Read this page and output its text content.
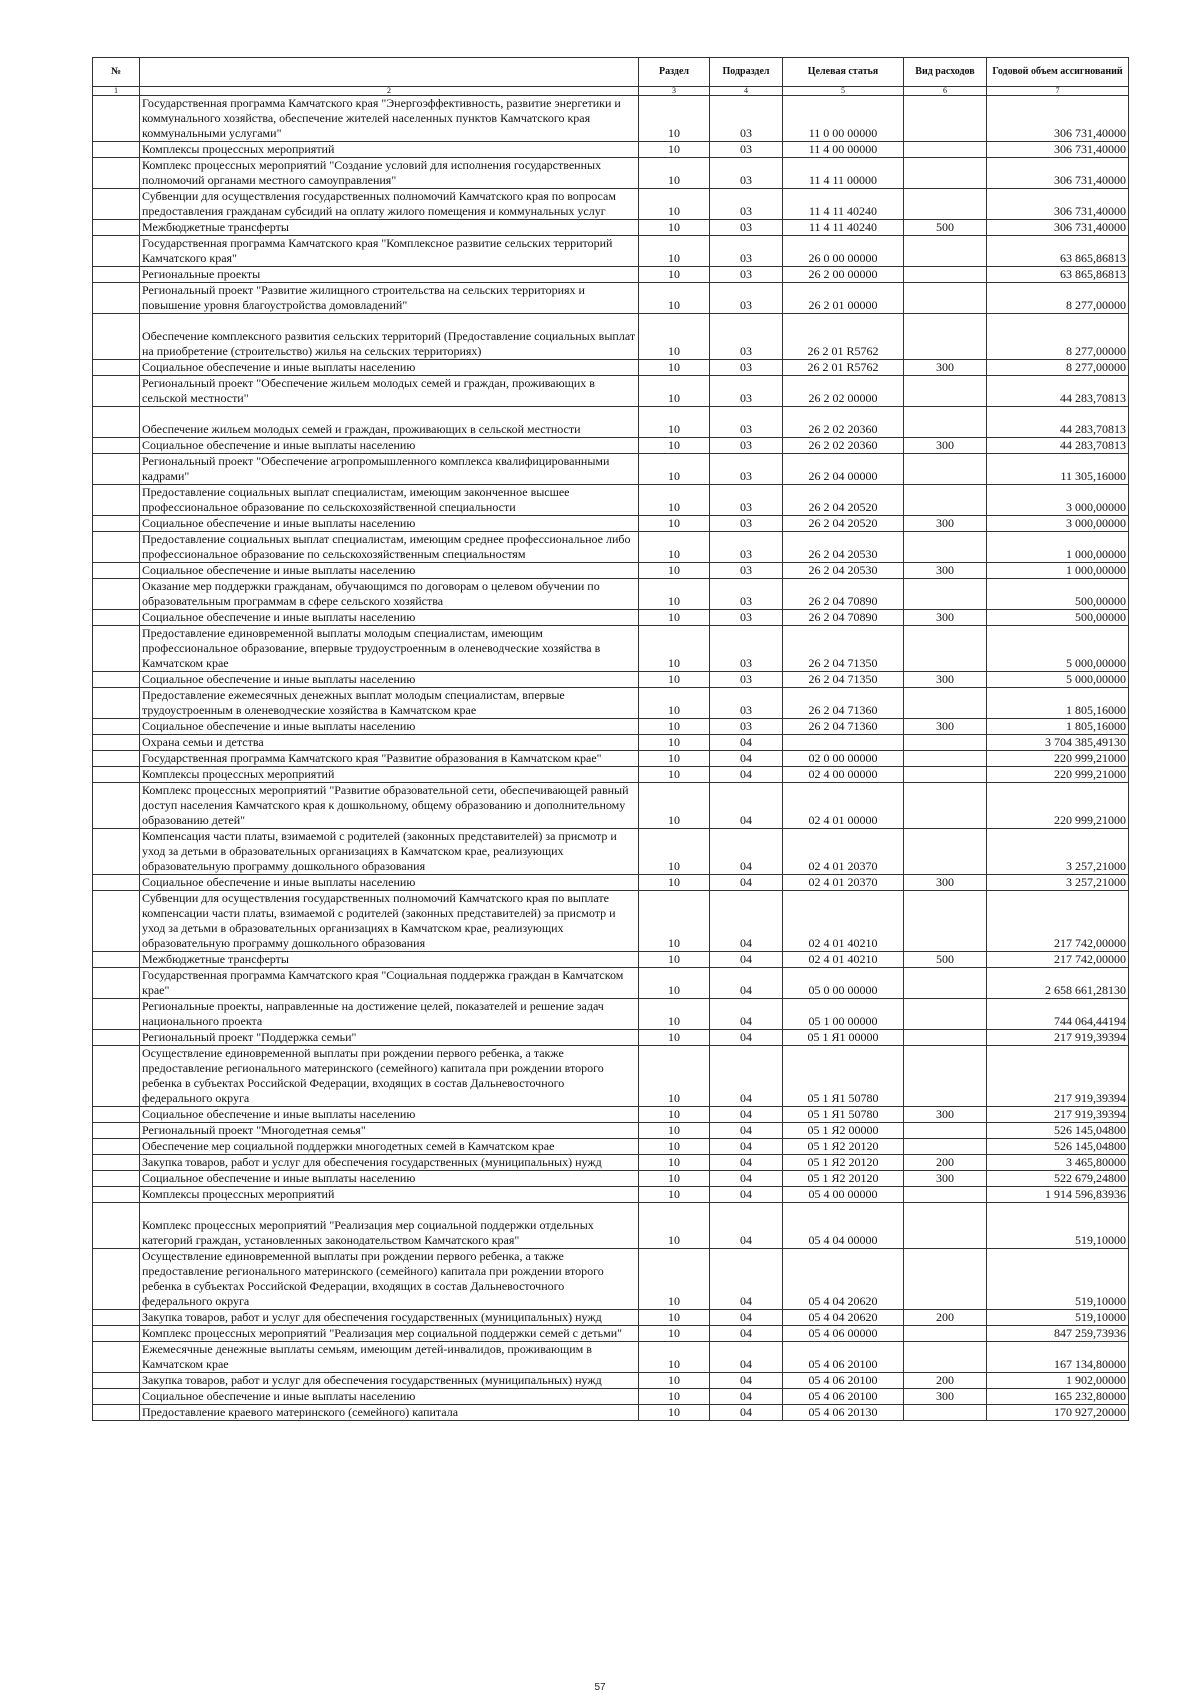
№		Раздел	Подраздел	Целевая статья	Вид расходов	Годовой объем ассигнований
1	2	3	4	5	6	7
	Государственная программа Камчатского края "Энергоэффективность, развитие энергетики и коммунального хозяйства, обеспечение жителей населенных пунктов Камчатского края коммунальными услугами"	10	03	11 0 00 00000		306 731,40000
	Комплексы процессных мероприятий	10	03	11 4 00 00000		306 731,40000
	Комплекс процессных мероприятий "Создание условий для исполнения государственных полномочий органами местного самоуправления"	10	03	11 4 11 00000		306 731,40000
	Субвенции для осуществления государственных полномочий Камчатского края по вопросам предоставления гражданам субсидий на оплату жилого помещения и коммунальных услуг	10	03	11 4 11 40240		306 731,40000
	Межбюджетные трансферты	10	03	11 4 11 40240	500	306 731,40000
	Государственная программа Камчатского края "Комплексное развитие сельских территорий Камчатского края"	10	03	26 0 00 00000		63 865,86813
	Региональные проекты	10	03	26 2 00 00000		63 865,86813
	Региональный проект "Развитие жилищного строительства на сельских территориях и повышение уровня благоустройства домовладений"	10	03	26 2 01 00000		8 277,00000
	Обеспечение комплексного развития сельских территорий (Предоставление социальных выплат на приобретение (строительство) жилья на сельских территориях)	10	03	26 2 01 R5762		8 277,00000
	Социальное обеспечение и иные выплаты населению	10	03	26 2 01 R5762	300	8 277,00000
	Региональный проект "Обеспечение жильем молодых семей и граждан, проживающих в сельской местности"	10	03	26 2 02 00000		44 283,70813
	Обеспечение жильем молодых семей и граждан, проживающих в сельской местности	10	03	26 2 02 20360		44 283,70813
	Социальное обеспечение и иные выплаты населению	10	03	26 2 02 20360	300	44 283,70813
	Региональный проект "Обеспечение агропромышленного комплекса квалифицированными кадрами"	10	03	26 2 04 00000		11 305,16000
	Предоставление социальных выплат специалистам, имеющим законченное высшее профессиональное образование по сельскохозяйственной специальности	10	03	26 2 04 20520		3 000,00000
	Социальное обеспечение и иные выплаты населению	10	03	26 2 04 20520	300	3 000,00000
	Предоставление социальных выплат специалистам, имеющим среднее профессиональное либо профессиональное образование по сельскохозяйственным специальностям	10	03	26 2 04 20530		1 000,00000
	Социальное обеспечение и иные выплаты населению	10	03	26 2 04 20530	300	1 000,00000
	Оказание мер поддержки гражданам, обучающимся по договорам о целевом обучении по образовательным программам в сфере сельского хозяйства	10	03	26 2 04 70890		500,00000
	Социальное обеспечение и иные выплаты населению	10	03	26 2 04 70890	300	500,00000
	Предоставление единовременной выплаты молодым специалистам, имеющим профессиональное образование, впервые трудоустроенным в оленеводческие хозяйства в Камчатском крае	10	03	26 2 04 71350		5 000,00000
	Социальное обеспечение и иные выплаты населению	10	03	26 2 04 71350	300	5 000,00000
	Предоставление ежемесячных денежных выплат молодым специалистам, впервые трудоустроенным в оленеводческие хозяйства в Камчатском крае	10	03	26 2 04 71360		1 805,16000
	Социальное обеспечение и иные выплаты населению	10	03	26 2 04 71360	300	1 805,16000
	Охрана семьи и детства	10	04			3 704 385,49130
	Государственная программа Камчатского края "Развитие образования в Камчатском крае"	10	04	02 0 00 00000		220 999,21000
	Комплексы процессных мероприятий	10	04	02 4 00 00000		220 999,21000
	Комплекс процессных мероприятий "Развитие образовательной сети, обеспечивающей равный доступ населения Камчатского края к дошкольному, общему образованию и дополнительному образованию детей"	10	04	02 4 01 00000		220 999,21000
	Компенсация части платы, взимаемой с родителей (законных представителей) за присмотр и уход за детьми в образовательных организациях в Камчатском крае, реализующих образовательную программу дошкольного образования	10	04	02 4 01 20370		3 257,21000
	Социальное обеспечение и иные выплаты населению	10	04	02 4 01 20370	300	3 257,21000
	Субвенции для осуществления государственных полномочий Камчатского края по выплате компенсации части платы, взимаемой с родителей (законных представителей) за присмотр и уход за детьми в образовательных организациях в Камчатском крае, реализующих образовательную программу дошкольного образования	10	04	02 4 01 40210		217 742,00000
	Межбюджетные трансферты	10	04	02 4 01 40210	500	217 742,00000
	Государственная программа Камчатского края "Социальная поддержка граждан в Камчатском крае"	10	04	05 0 00 00000		2 658 661,28130
	Региональные проекты, направленные на достижение целей, показателей и решение задач национального проекта	10	04	05 1 00 00000		744 064,44194
	Региональный проект "Поддержка семьи"	10	04	05 1 Я1 00000		217 919,39394
	Осуществление единовременной выплаты при рождении первого ребенка, а также предоставление регионального материнского (семейного) капитала при рождении второго ребенка в субъектах Российской Федерации, входящих в состав Дальневосточного федерального округа	10	04	05 1 Я1 50780		217 919,39394
	Социальное обеспечение и иные выплаты населению	10	04	05 1 Я1 50780	300	217 919,39394
	Региональный проект "Многодетная семья"	10	04	05 1 Я2 00000		526 145,04800
	Обеспечение мер социальной поддержки многодетных семей в Камчатском крае	10	04	05 1 Я2 20120		526 145,04800
	Закупка товаров, работ и услуг для обеспечения государственных (муниципальных) нужд	10	04	05 1 Я2 20120	200	3 465,80000
	Социальное обеспечение и иные выплаты населению	10	04	05 1 Я2 20120	300	522 679,24800
	Комплексы процессных мероприятий	10	04	05 4 00 00000		1 914 596,83936
	Комплекс процессных мероприятий "Реализация мер социальной поддержки отдельных категорий граждан, установленных законодательством Камчатского края"	10	04	05 4 04 00000		519,10000
	Осуществление единовременной выплаты при рождении первого ребенка, а также предоставление регионального материнского (семейного) капитала при рождении второго ребенка в субъектах Российской Федерации, входящих в состав Дальневосточного федерального округа	10	04	05 4 04 20620		519,10000
	Закупка товаров, работ и услуг для обеспечения государственных (муниципальных) нужд	10	04	05 4 04 20620	200	519,10000
	Комплекс процессных мероприятий "Реализация мер социальной поддержки семей с детьми"	10	04	05 4 06 00000		847 259,73936
	Ежемесячные денежные выплаты семьям, имеющим детей-инвалидов, проживающим в Камчатском крае	10	04	05 4 06 20100		167 134,80000
	Закупка товаров, работ и услуг для обеспечения государственных (муниципальных) нужд	10	04	05 4 06 20100	200	1 902,00000
	Социальное обеспечение и иные выплаты населению	10	04	05 4 06 20100	300	165 232,80000
	Предоставление краевого материнского (семейного) капитала	10	04	05 4 06 20130		170 927,20000
57
